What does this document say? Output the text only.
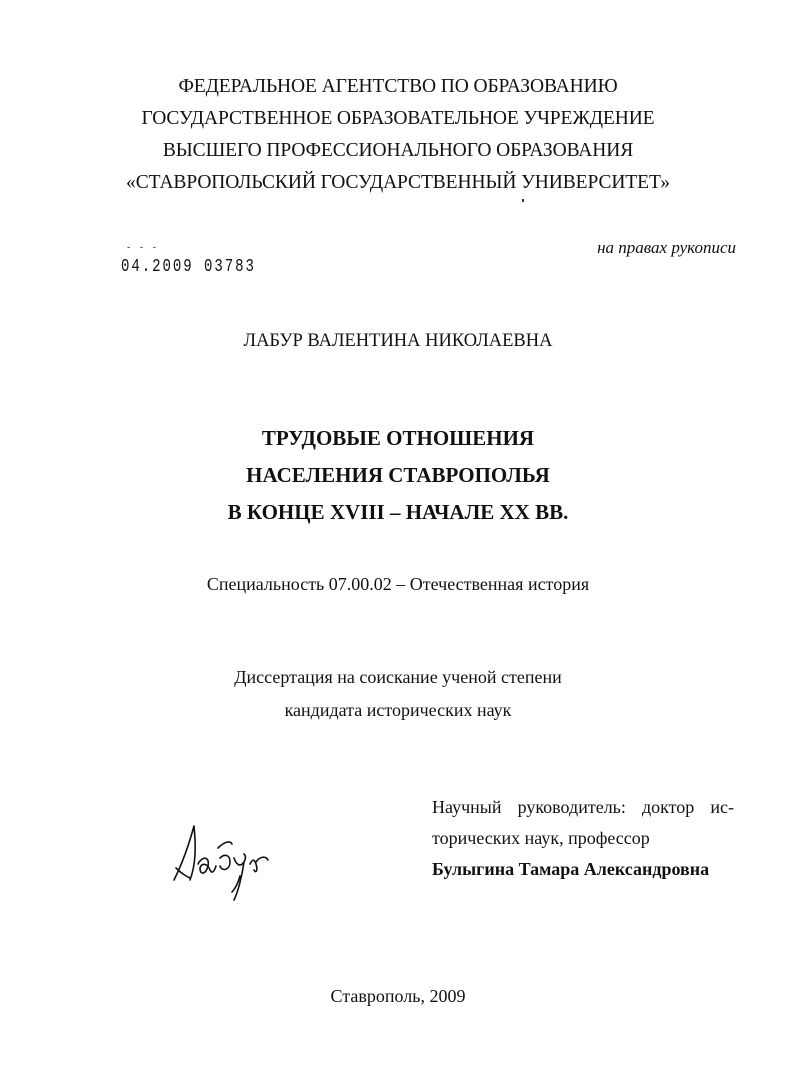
ФЕДЕРАЛЬНОЕ АГЕНТСТВО ПО ОБРАЗОВАНИЮ
ГОСУДАРСТВЕННОЕ ОБРАЗОВАТЕЛЬНОЕ УЧРЕЖДЕНИЕ
ВЫСШЕГО ПРОФЕССИОНАЛЬНОГО ОБРАЗОВАНИЯ
«СТАВРОПОЛЬСКИЙ ГОСУДАРСТВЕННЫЙ УНИВЕРСИТЕТ»
- - -
04.2009 03783
на правах рукописи
ЛАБУР ВАЛЕНТИНА НИКОЛАЕВНА
ТРУДОВЫЕ ОТНОШЕНИЯ
НАСЕЛЕНИЯ СТАВРОПОЛЬЯ
В КОНЦЕ XVIII – НАЧАЛЕ XX ВВ.
Специальность 07.00.02 – Отечественная история
Диссертация на соискание ученой степени
кандидата исторических наук
Научный руководитель: доктор ис-
торических наук, профессор
Булыгина Тамара Александровна
Ставрополь, 2009
